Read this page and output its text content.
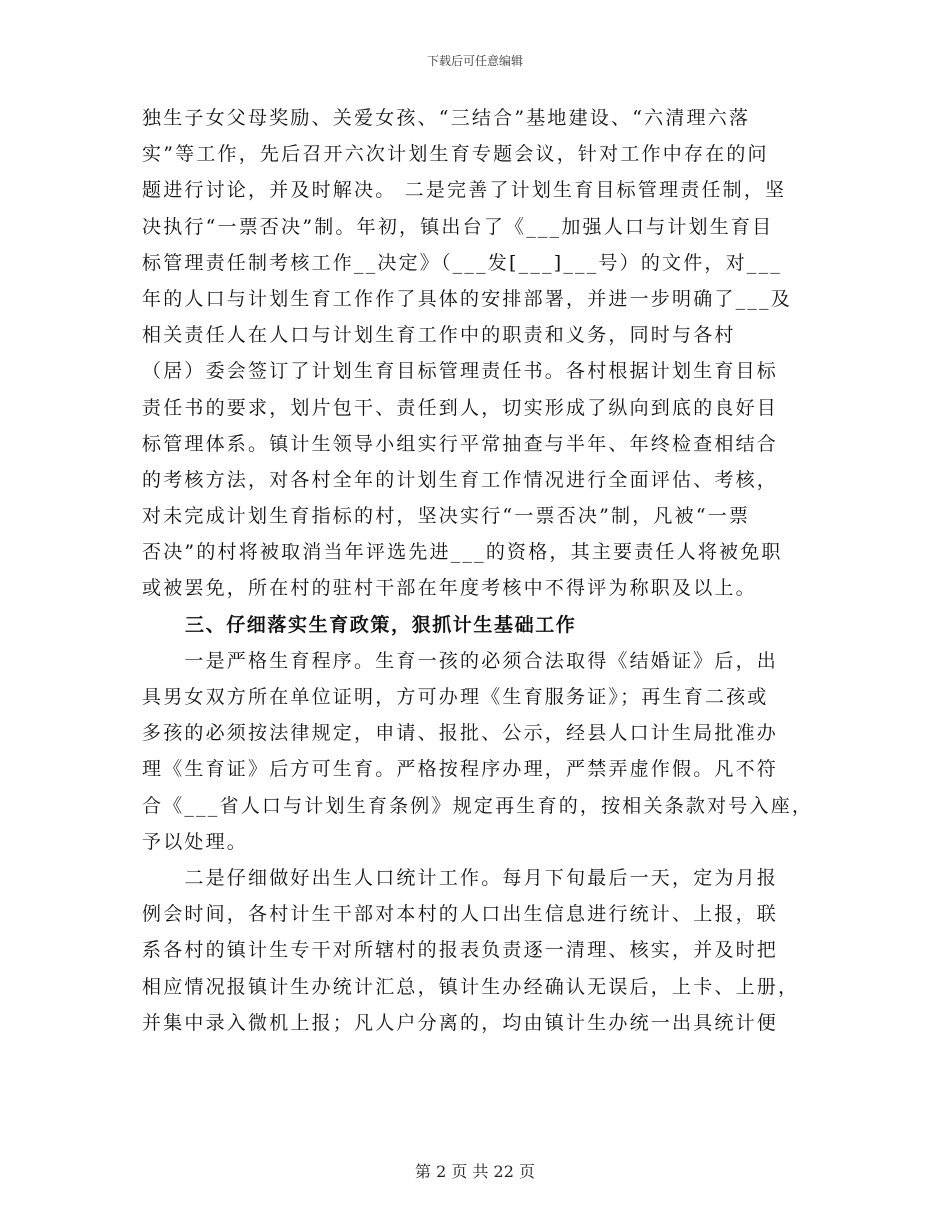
下载后可任意编辑
独生子女父母奖励、关爱女孩、“三结合”基地建设、“六清理六落
实”等工作，先后召开六次计划生育专题会议，针对工作中存在的问
题进行讨论，并及时解决。 二是完善了计划生育目标管理责任制，坚
决执行“一票否决”制。年初，镇出台了《___加强人口与计划生育目
标管理责任制考核工作__决定》（___发[___]___号）的文件，对___
年的人口与计划生育工作作了具体的安排部署，并进一步明确了___及
相关责任人在人口与计划生育工作中的职责和义务，同时与各村
（居）委会签订了计划生育目标管理责任书。各村根据计划生育目标
责任书的要求，划片包干、责任到人，切实形成了纵向到底的良好目
标管理体系。镇计生领导小组实行平常抽查与半年、年终检查相结合
的考核方法，对各村全年的计划生育工作情况进行全面评估、考核，
对未完成计划生育指标的村，坚决实行“一票否决”制，凡被“一票
否决”的村将被取消当年评选先进___的资格，其主要责任人将被免职
或被罢免，所在村的驻村干部在年度考核中不得评为称职及以上。
三、仔细落实生育政策，狠抓计生基础工作
　　一是严格生育程序。生育一孩的必须合法取得《结婚证》后，出
具男女双方所在单位证明，方可办理《生育服务证》；再生育二孩或
多孩的必须按法律规定，申请、报批、公示，经县人口计生局批准办
理《生育证》后方可生育。严格按程序办理，严禁弄虚作假。凡不符
合《___省人口与计划生育条例》规定再生育的，按相关条款对号入座，
予以处理。
　　二是仔细做好出生人口统计工作。每月下旬最后一天，定为月报
例会时间，各村计生干部对本村的人口出生信息进行统计、上报，联
系各村的镇计生专干对所辖村的报表负责逐一清理、核实，并及时把
相应情况报镇计生办统计汇总，镇计生办经确认无误后，上卡、上册，
并集中录入微机上报；凡人户分离的，均由镇计生办统一出具统计便
第 2 页 共 22 页
